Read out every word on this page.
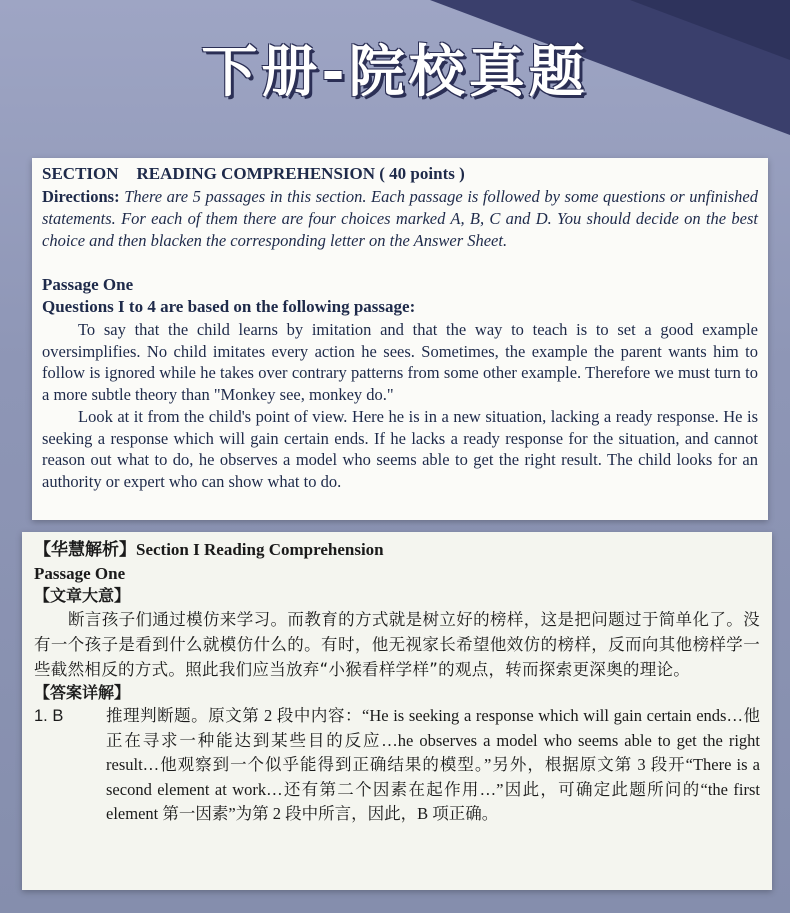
下册-院校真题
SECTION READING COMPREHENSION ( 40 points )
Directions: There are 5 passages in this section. Each passage is followed by some questions or unfinished statements. For each of them there are four choices marked A, B, C and D. You should decide on the best choice and then blacken the corresponding letter on the Answer Sheet.
Passage One
Questions I to 4 are based on the following passage:

To say that the child learns by imitation and that the way to teach is to set a good example oversimplifies. No child imitates every action he sees. Sometimes, the example the parent wants him to follow is ignored while he takes over contrary patterns from some other example. Therefore we must turn to a more subtle theory than "Monkey see, monkey do."

Look at it from the child's point of view. Here he is in a new situation, lacking a ready response. He is seeking a response which will gain certain ends. If he lacks a ready response for the situation, and cannot reason out what to do, he observes a model who seems able to get the right result. The child looks for an authority or expert who can show what to do.

【华慧解析】Section I Reading Comprehension
Passage One
【文章大意】

断言孩子们通过模仿来学习。而教育的方式就是树立好的榜样，这是把问题过于简单化了。没有一个孩子是看到什么就模仿什么的。有时，他无视家长希望他效仿的榜样，反而向其他榜样学一些截然相反的方式。照此我们应当放弃“小猴看样学样”的观点，转而探索更深奥的理论。

【答案详解】
1. B	推理判断题。原文第 2 段中内容：“He is seeking a response which will gain certain ends…他正在寻求一种能达到某些目的反应…he observes a model who seems able to get the right result…他观察到一个似乎能得到正确结果的模型。”另外，根据原文第 3 段开“There is a second element at work…还有第二个因素在起作用…”因此，可确定此题所问的“the first element 第一因素”为第 2 段中所言，因此，B 项正确。
